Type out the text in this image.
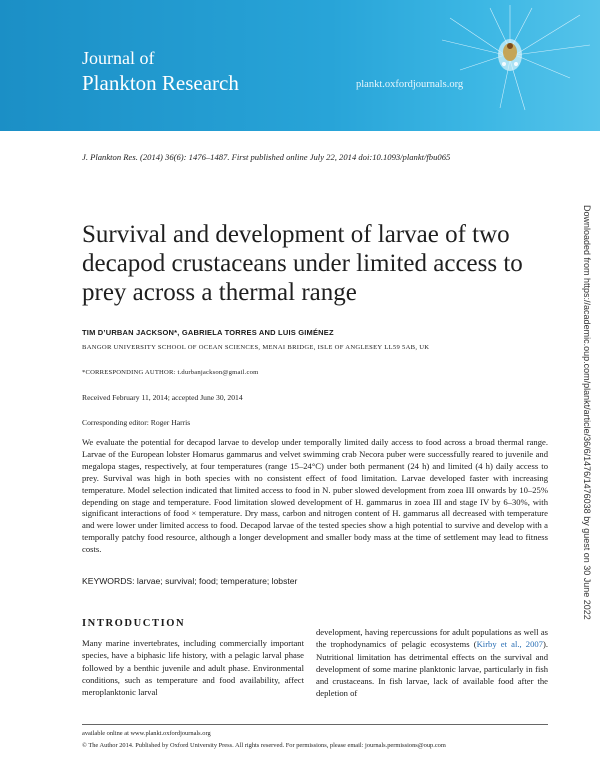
Journal of
Plankton Research	plankt.oxfordjournals.org
J. Plankton Res. (2014) 36(6): 1476–1487. First published online July 22, 2014 doi:10.1093/plankt/fbu065
Downloaded from https://academic.oup.com/plankt/article/36/6/1476/1476038 by guest on 30 June 2022
Survival and development of larvae of two decapod crustaceans under limited access to prey across a thermal range
TIM D’URBAN JACKSON*, GABRIELA TORRES AND LUIS GIMÉNEZ
BANGOR UNIVERSITY SCHOOL OF OCEAN SCIENCES, MENAI BRIDGE, ISLE OF ANGLESEY LL59 5AB, UK
*CORRESPONDING AUTHOR: t.durbanjackson@gmail.com
Received February 11, 2014; accepted June 30, 2014
Corresponding editor: Roger Harris

We evaluate the potential for decapod larvae to develop under temporally limited daily access to food across a broad thermal range. Larvae of the European lobster Homarus gammarus and velvet swimming crab Necora puber were successfully reared to juvenile and megalopa stages, respectively, at four temperatures (range 15–24°C) under both permanent (24 h) and limited (4 h) daily access to prey. Survival was high in both species with no consistent effect of food limitation. Larvae developed faster with increasing temperature. Model selection indicated that limited access to food in N. puber slowed development from zoea III onwards by 10–25% depending on stage and temperature. Food limitation slowed development of H. gammarus in zoea III and stage IV by 6–30%, with significant interactions of food × temperature. Dry mass, carbon and nitrogen content of H. gammarus all decreased with temperature and were lower under limited access to food. Decapod larvae of the tested species show a high potential to survive and develop with a temporally patchy food resource, although a longer development and smaller body mass at the time of settlement may lead to fitness costs.

KEYWORDS: larvae; survival; food; temperature; lobster
INTRODUCTION

Many marine invertebrates, including commercially important species, have a biphasic life history, with a pelagic larval phase followed by a benthic juvenile and adult phase. Environmental conditions, such as temperature and food availability, affect meroplanktonic larval

development, having repercussions for adult populations as well as the trophodynamics of pelagic ecosystems (Kirby et al., 2007). Nutritional limitation has detrimental effects on the survival and development of some marine planktonic larvae, particularly in fish and crustaceans. In fish larvae, lack of available food after the depletion of

available online at www.plankt.oxfordjournals.org
© The Author 2014. Published by Oxford University Press. All rights reserved. For permissions, please email: journals.permissions@oup.com
